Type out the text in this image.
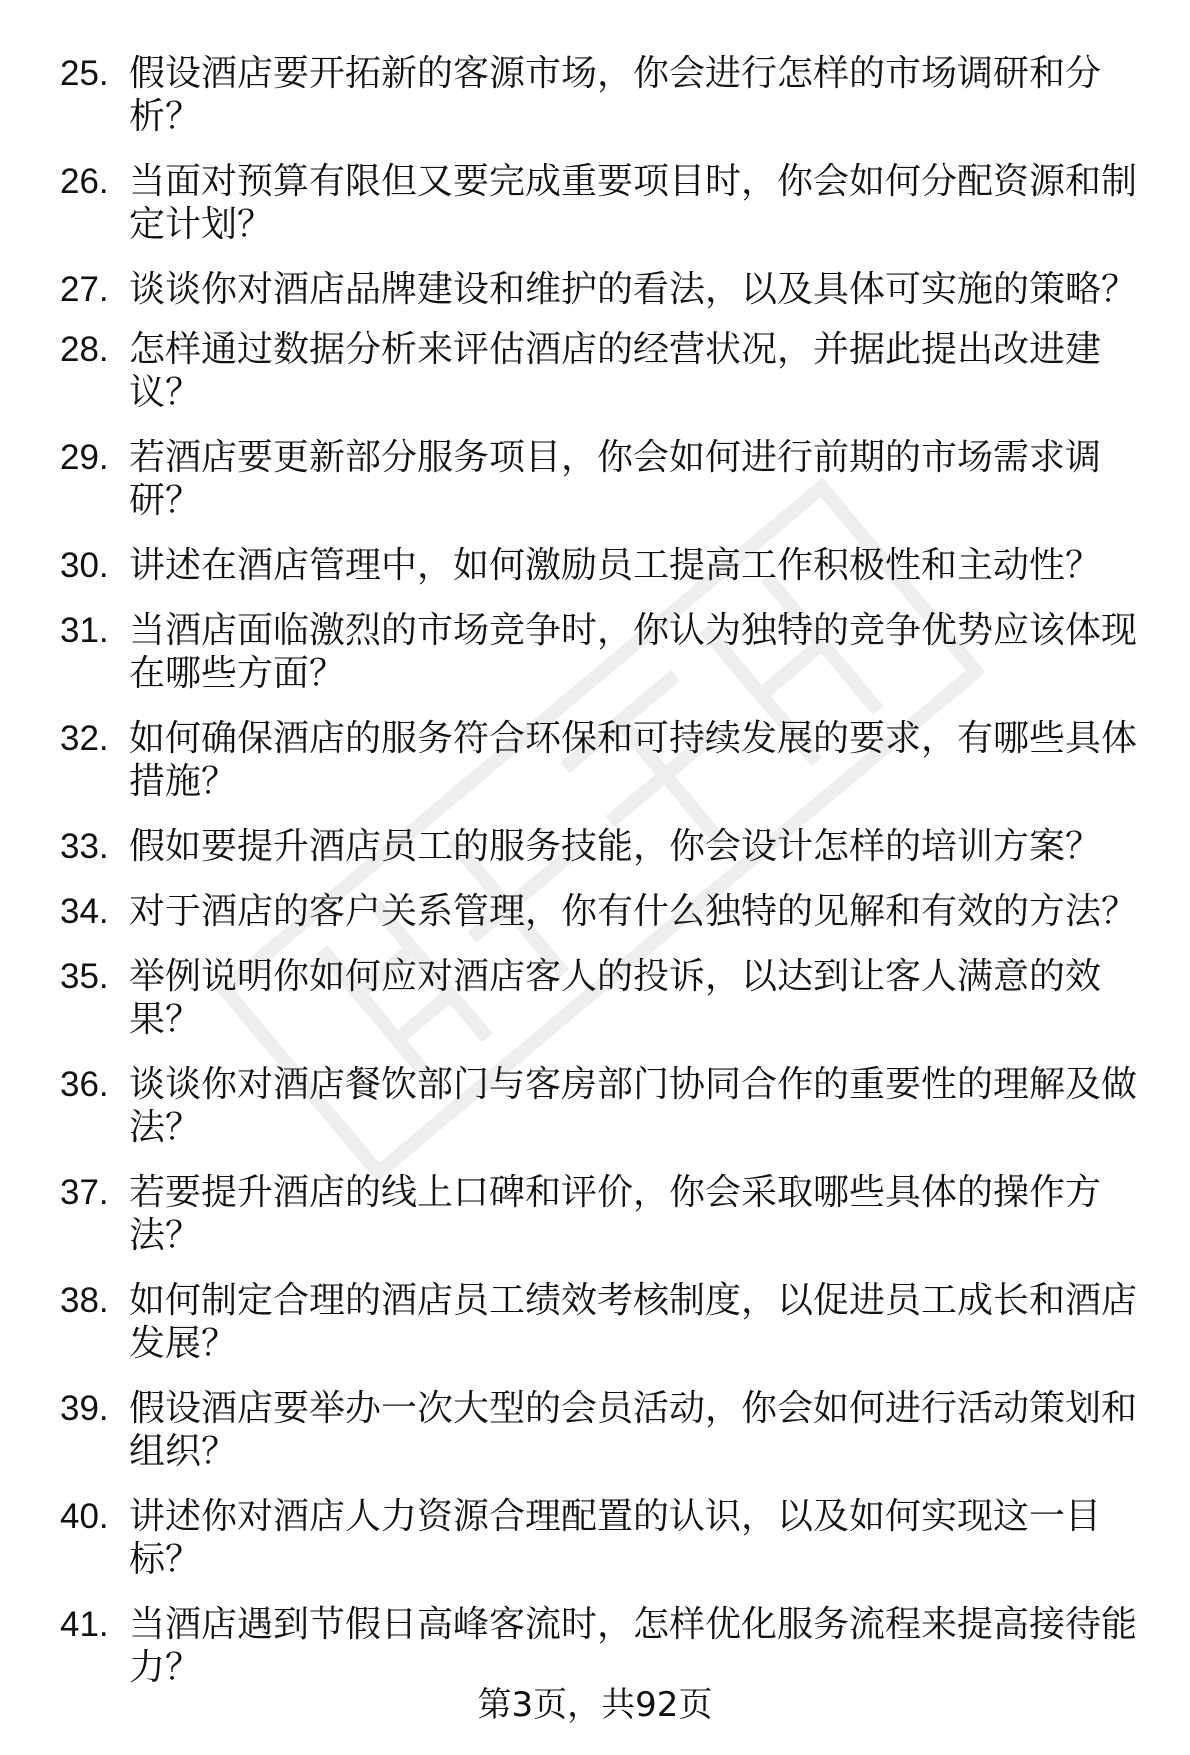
25. 假设酒店要开拓新的客源市场，你会进行怎样的市场调研和分析？
26. 当面对预算有限但又要完成重要项目时，你会如何分配资源和制定计划？
27. 谈谈你对酒店品牌建设和维护的看法，以及具体可实施的策略？
28. 怎样通过数据分析来评估酒店的经营状况，并据此提出改进建议？
29. 若酒店要更新部分服务项目，你会如何进行前期的市场需求调研？
30. 讲述在酒店管理中，如何激励员工提高工作积极性和主动性？
31. 当酒店面临激烈的市场竞争时，你认为独特的竞争优势应该体现在哪些方面？
32. 如何确保酒店的服务符合环保和可持续发展的要求，有哪些具体措施？
33. 假如要提升酒店员工的服务技能，你会设计怎样的培训方案？
34. 对于酒店的客户关系管理，你有什么独特的见解和有效的方法？
35. 举例说明你如何应对酒店客人的投诉，以达到让客人满意的效果？
36. 谈谈你对酒店餐饮部门与客房部门协同合作的重要性的理解及做法？
37. 若要提升酒店的线上口碑和评价，你会采取哪些具体的操作方法？
38. 如何制定合理的酒店员工绩效考核制度，以促进员工成长和酒店发展？
39. 假设酒店要举办一次大型的会员活动，你会如何进行活动策划和组织？
40. 讲述你对酒店人力资源合理配置的认识，以及如何实现这一目标？
41. 当酒店遇到节假日高峰客流时，怎样优化服务流程来提高接待能力？
第3页，共92页
